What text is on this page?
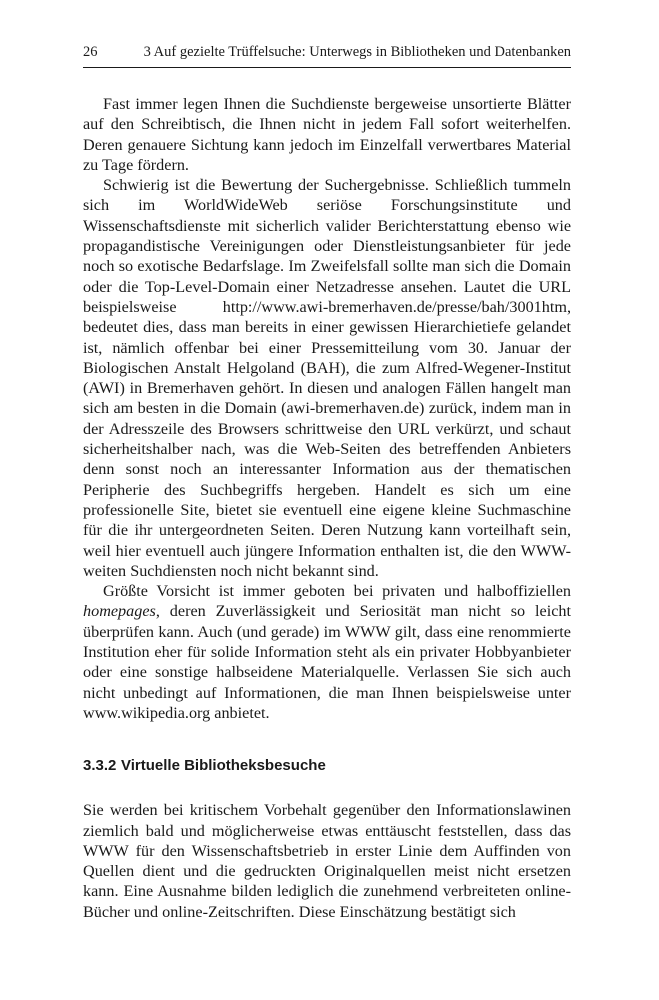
26	3 Auf gezielte Trüffelsuche: Unterwegs in Bibliotheken und Datenbanken

Fast immer legen Ihnen die Suchdienste bergeweise unsortierte Blätter auf den Schreibtisch, die Ihnen nicht in jedem Fall sofort weiterhelfen. Deren genauere Sichtung kann jedoch im Einzelfall verwertbares Material zu Tage fördern.

Schwierig ist die Bewertung der Suchergebnisse. Schließlich tummeln sich im WorldWideWeb seriöse Forschungsinstitute und Wissenschaftsdienste mit sicherlich valider Berichterstattung ebenso wie propagandistische Vereinigungen oder Dienstleistungsanbieter für jede noch so exotische Bedarfslage. Im Zweifelsfall sollte man sich die Domain oder die Top-Level-Domain einer Netzadresse ansehen. Lautet die URL beispielsweise http://www.awi-bremerhaven.de/presse/bah/3001htm, bedeutet dies, dass man bereits in einer gewissen Hierarchietiefe gelandet ist, nämlich offenbar bei einer Pressemitteilung vom 30. Januar der Biologischen Anstalt Helgoland (BAH), die zum Alfred-Wegener-Institut (AWI) in Bremerhaven gehört. In diesen und analogen Fällen hangelt man sich am besten in die Domain (awi-bremerhaven.de) zurück, indem man in der Adresszeile des Browsers schrittweise den URL verkürzt, und schaut sicherheitshalber nach, was die Web-Seiten des betreffenden Anbieters denn sonst noch an interessanter Information aus der thematischen Peripherie des Suchbegriffs hergeben. Handelt es sich um eine professionelle Site, bietet sie eventuell eine eigene kleine Suchmaschine für die ihr untergeordneten Seiten. Deren Nutzung kann vorteilhaft sein, weil hier eventuell auch jüngere Information enthalten ist, die den WWW-weiten Suchdiensten noch nicht bekannt sind.

Größte Vorsicht ist immer geboten bei privaten und halboffiziellen homepages, deren Zuverlässigkeit und Seriosität man nicht so leicht überprüfen kann. Auch (und gerade) im WWW gilt, dass eine renommierte Institution eher für solide Information steht als ein privater Hobbyanbieter oder eine sonstige halbseidene Materialquelle. Verlassen Sie sich auch nicht unbedingt auf Informationen, die man Ihnen beispielsweise unter www.wikipedia.org anbietet.

3.3.2 Virtuelle Bibliotheksbesuche

Sie werden bei kritischem Vorbehalt gegenüber den Informationslawinen ziemlich bald und möglicherweise etwas enttäuscht feststellen, dass das WWW für den Wissenschaftsbetrieb in erster Linie dem Auffinden von Quellen dient und die gedruckten Originalquellen meist nicht ersetzen kann. Eine Ausnahme bilden lediglich die zunehmend verbreiteten online-Bücher und online-Zeitschriften. Diese Einschätzung bestätigt sich
